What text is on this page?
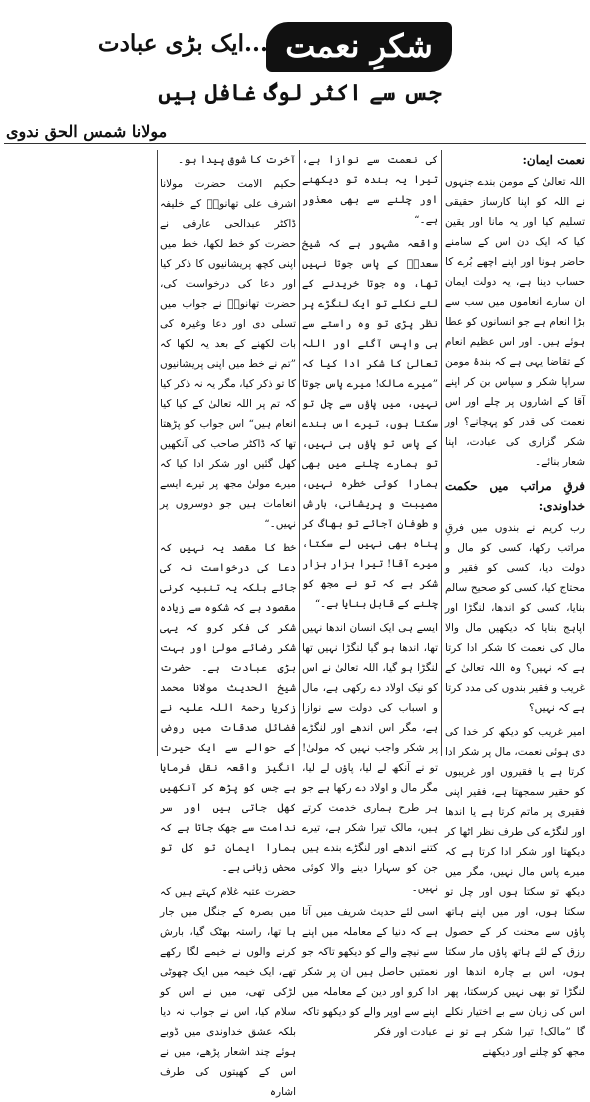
شکرِ نعمت
...ایک بڑی عبادت
جس سے اکثر لوگ غافل ہیں
مولانا شمس الحق ندوی

نعمت ایمان:

اللہ تعالیٰ کے مومن بندے جنہوں نے اللہ کو اپنا کارساز حقیقی تسلیم کیا اور یہ مانا اور یقین کیا کہ ایک دن اس کے سامنے حاضر ہونا اور اپنے اچھے بُرے کا حساب دینا ہے، یہ دولت ایمان ان سارے انعاموں میں سب سے بڑا انعام ہے جو انسانوں کو عطا ہوئے ہیں۔ اور اس عظیم انعام کے تقاضا یہی ہے کہ بندۂ مومن سراپا شکر و سپاس بن کر اپنے آقا کے اشاروں پر چلے اور اس نعمت کی قدر کو پہچانے؟ اور شکر گزاری کی عبادت، اپنا شعار بنائے۔

فرقِ مراتب میں حکمت خداوندی:

رب کریم نے بندوں میں فرقِ مراتب رکھا، کسی کو مال و دولت دیا، کسی کو فقیر و محتاج کیا، کسی کو صحیح سالم بنایا، کسی کو اندھا، لنگڑا اور اپاہج بنایا کہ دیکھیں مال والا مال کی نعمت کا شکر ادا کرتا ہے کہ نہیں؟ وہ اللہ تعالیٰ کے غریب و فقیر بندوں کی مدد کرتا ہے کہ نہیں؟

امیر غریب کو دیکھ کر خدا کی دی ہوئی نعمت، مال پر شکر ادا کرتا ہے یا فقیروں اور غریبوں کو حقیر سمجھتا ہے، فقیر اپنی فقیری پر ماتم کرتا ہے یا اندھا اور لنگڑے کی طرف نظر اٹھا کر دیکھتا اور شکر ادا کرتا ہے کہ میرے پاس مال نہیں، مگر میں دیکھ تو سکتا ہوں اور چل تو سکتا ہوں، اور میں اپنے ہاتھ پاؤں سے محنت کر کے حصول رزق کے لئے ہاتھ پاؤں مار سکتا ہوں، اس بے چارہ اندھا اور لنگڑا تو بھی نہیں کرسکتا، پھر اس کی زبان سے بے اختیار نکلے گا ”مالک! تیرا شکر ہے تو نے مجھ کو چلنے اور دیکھنے

کی نعمت سے نوازا ہے، تیرا یہ بندہ تو دیکھنے اور چلنے سے بھی معذور ہے۔“

واقعہ مشہور ہے کہ شیخ سعدیؒ کے پاس جوتا نہیں تھا، وہ جوتا خریدنے کے لئے نکلے تو ایک لنگڑے پر نظر پڑی تو وہ راستے سے ہی واپس آگئے اور اللہ تعالیٰ کا شکر ادا کیا کہ ”میرے مالک! میرے پاس جوتا نہیں، میں پاؤں سے چل تو سکتا ہوں، تیرے اس بندے کے پاس تو پاؤں ہی نہیں، تو ہمارے چلنے میں بھی ہمارا کوئی خطرہ نہیں، مصیبت و پریشانی، بارش و طوفان آجائے تو بھاگ کر پناہ بھی نہیں لے سکتا، میرے آقا! تیرا ہزار ہزار شکر ہے کہ تو نے مجھ کو چلنے کے قابل بنایا ہے۔“

ایسے ہی ایک انسان اندھا نہیں تھا، اندھا ہو گیا لنگڑا نہیں تھا لنگڑا ہو گیا، اللہ تعالیٰ نے اس کو نیک اولاد دے رکھی ہے، مال و اسباب کی دولت سے نوازا ہے، مگر اس اندھے اور لنگڑے پر شکر واجب نہیں کہ مولیٰ! تو نے آنکھ لے لیا، پاؤں لے لیا، مگر مال و اولاد دے رکھا ہے جو ہر طرح ہماری خدمت کرتے ہیں، مالک تیرا شکر ہے، تیرے کتنے اندھے اور لنگڑے بندے ہیں جن کو سہارا دینے والا کوئی نہیں۔

اسی لئے حدیث شریف میں آتا ہے کہ دنیا کے معاملہ میں اپنے سے نیچے والے کو دیکھو تاکہ جو نعمتیں حاصل ہیں ان پر شکر ادا کرو اور دین کے معاملہ میں اپنے سے اوپر والے کو دیکھو تاکہ عبادت اور فکر

آخرت کا شوق پیدا ہو۔

حکیم الامت حضرت مولانا اشرف علی تھانویؒ کے خلیفہ ڈاکٹر عبدالحی عارفی نے حضرت کو خط لکھا، خط میں اپنی کچھ پریشانیوں کا ذکر کیا اور دعا کی درخواست کی، حضرت تھانویؒ نے جواب میں تسلی دی اور دعا وغیرہ کی بات لکھنے کے بعد یہ لکھا کہ ”تم نے خط میں اپنی پریشانیوں کا تو ذکر کیا، مگر یہ نہ ذکر کیا کہ تم پر اللہ تعالیٰ کے کیا کیا انعام ہیں“ اس جواب کو پڑھتا تھا کہ ڈاکٹر صاحب کی آنکھیں کھل گئیں اور شکر ادا کیا کہ میرے مولیٰ مجھ پر تیرے ایسے انعامات ہیں جو دوسروں پر نہیں۔“

خط کا مقصد یہ نہیں کہ دعا کی درخواست نہ کی جائے بلکہ یہ تنبیہ کرنی مقصود ہے کہ شکوہ سے زیادہ شکر کی فکر کرو کہ یہی شکر رضائے مولیٰ اور بہت بڑی عبادت ہے۔ حضرت شیخ الحدیث مولانا محمد زکریا رحمۃ اللہ علیہ نے فضائل صدقات میں روض کے حوالے سے ایک حیرت انگیز واقعہ نقل فرمایا ہے جس کو پڑھ کر آنکھیں کھل جاتی ہیں اور سر ندامت سے جھک جاتا ہے کہ ہمارا ایمان تو کل تو محض زبانی ہے۔

حضرت عتبہ غلام کہتے ہیں کہ میں بصرہ کے جنگل میں جار ہا تھا، راستہ بھٹک گیا، بارش کرنے والوں نے خیمے لگا رکھے تھے، ایک خیمہ میں ایک چھوٹی لڑکی تھی، میں نے اس کو سلام کیا، اس نے جواب نہ دیا بلکہ عشق خداوندی میں ڈوبے ہوئے چند اشعار پڑھے، میں نے اس کے کھیتوں کی طرف اشارہ
